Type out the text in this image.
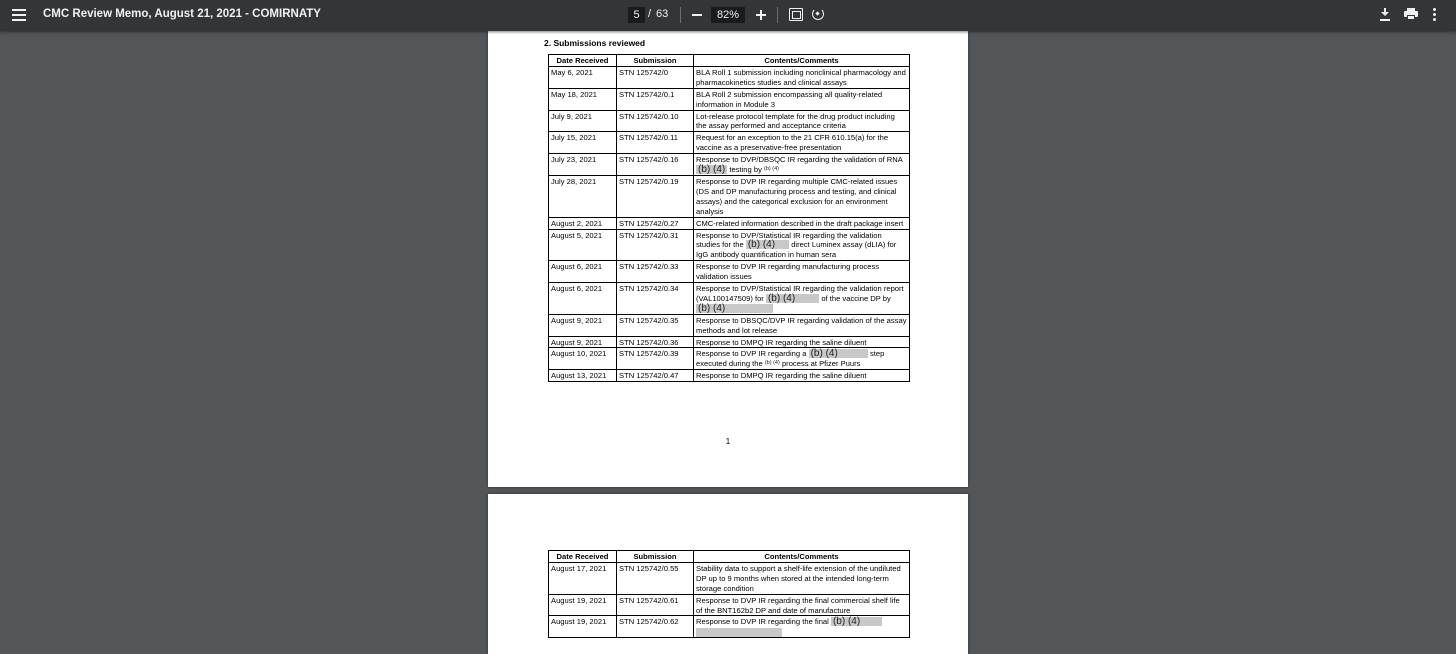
CMC Review Memo, August 21, 2021 - COMIRNATY	5 / 63	82%
2. Submissions reviewed
Date Received	Submission	Contents/Comments
May 6, 2021	STN 125742/0	BLA Roll 1 submission including nonclinical pharmacology and pharmacokinetics studies and clinical assays
May 18, 2021	STN 125742/0.1	BLA Roll 2 submission encompassing all quality-related information in Module 3
July 9, 2021	STN 125742/0.10	Lot-release protocol template for the drug product including the assay performed and acceptance criteria
July 15, 2021	STN 125742/0.11	Request for an exception to the 21 CFR 610.15(a) for the vaccine as a preservative-free presentation
July 23, 2021	STN 125742/0.16	Response to DVP/DBSQC IR regarding the validation of RNA (b) (4) testing by $^{(b) (4)}$
July 28, 2021	STN 125742/0.19	Response to DVP IR regarding multiple CMC-related issues (DS and DP manufacturing process and testing, and clinical assays) and the categorical exclusion for an environment analysis
August 2, 2021	STN 125742/0.27	CMC-related information described in the draft package insert
August 5, 2021	STN 125742/0.31	Response to DVP/Statistical IR regarding the validation studies for the (b) (4) direct Luminex assay (dLIA) for IgG antibody quantification in human sera
August 6, 2021	STN 125742/0.33	Response to DVP IR regarding manufacturing process validation issues
August 6, 2021	STN 125742/0.34	Response to DVP/Statistical IR regarding the validation report (VAL100147509) for (b) (4) of the vaccine DP by (b) (4)
August 9, 2021	STN 125742/0.35	Response to DBSQC/DVP IR regarding validation of the assay methods and lot release
August 9, 2021	STN 125742/0.36	Response to DMPQ IR regarding the saline diluent
August 10, 2021	STN 125742/0.39	Response to DVP IR regarding a (b) (4) step executed during the $^{(b) (4)}$ process at Pfizer Puurs
August 13, 2021	STN 125742/0.47	Response to DMPQ IR regarding the saline diluent
1
Date Received	Submission	Contents/Comments
August 17, 2021	STN 125742/0.55	Stability data to support a shelf-life extension of the undiluted DP up to 9 months when stored at the intended long-term storage condition
August 19, 2021	STN 125742/0.61	Response to DVP IR regarding the final commercial shelf life of the BNT162b2 DP and date of manufacture
August 19, 2021	STN 125742/0.62	Response to DVP IR regarding the final (b) (4)
